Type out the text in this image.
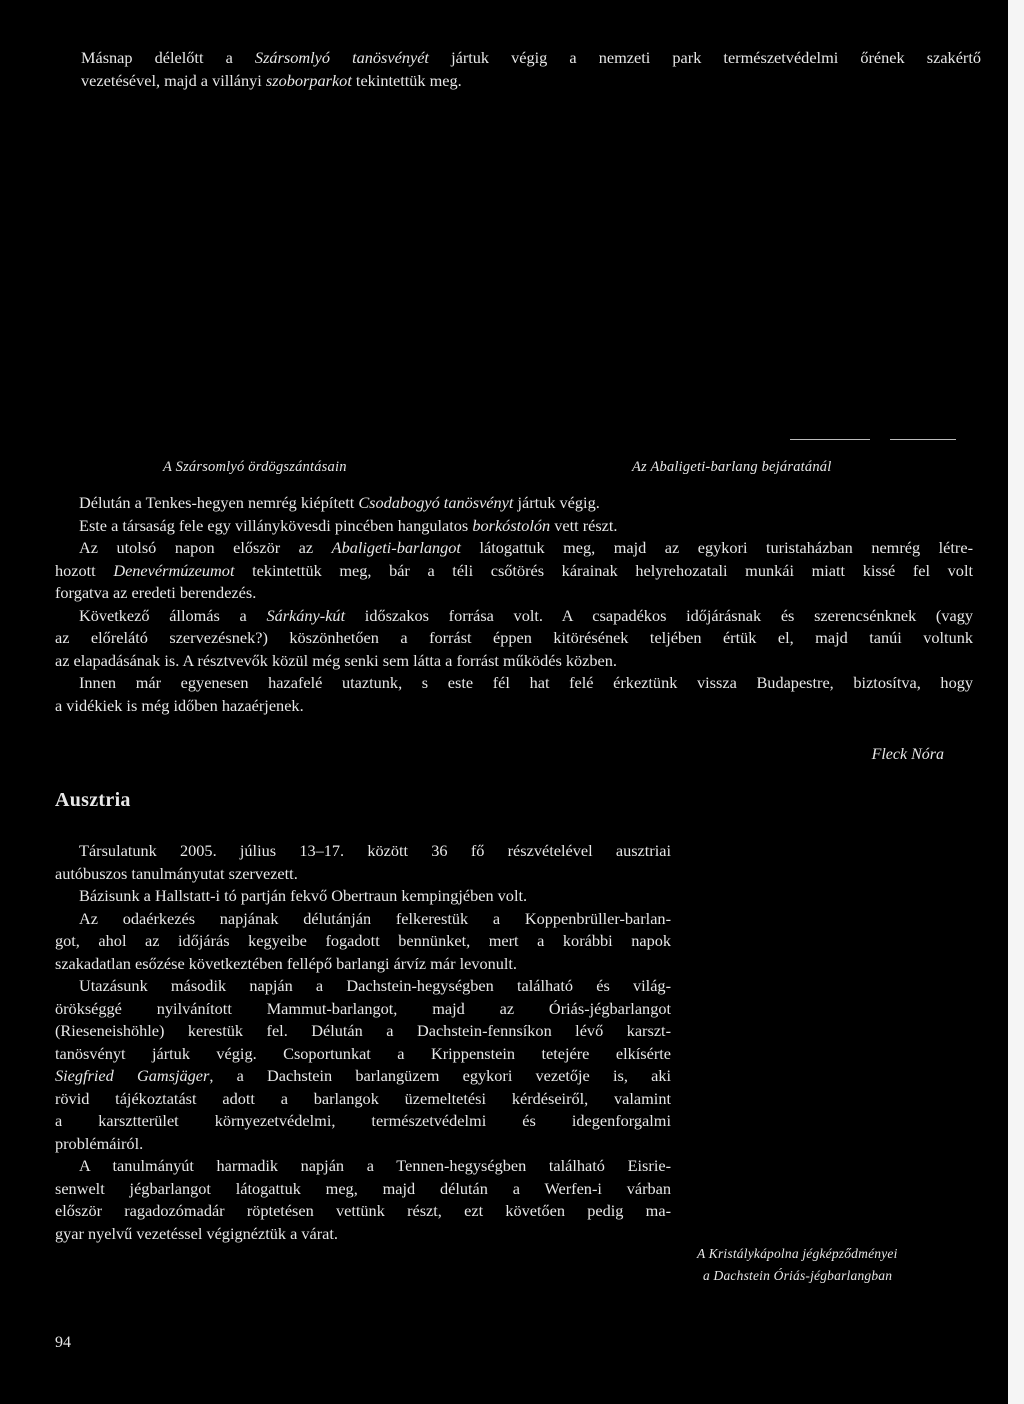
Másnap délelőtt a Szársomlyó tanösvényét jártuk végig a nemzeti park természetvédelmi őrének szakértő
vezetésével, majd a villányi szoborparkot tekintettük meg.
A Szársomlyó ördögszántásain	Az Abaligeti-barlang bejáratánál
Délután a Tenkes-hegyen nemrég kiépített Csodabogyó tanösvényt jártuk végig.
Este a társaság fele egy villánykövesdi pincében hangulatos borkóstolón vett részt.
Az utolsó napon először az Abaligeti-barlangot látogattuk meg, majd az egykori turistaházban nemrég létre-
hozott Denevérmúzeumot tekintettük meg, bár a téli csőtörés kárainak helyrehozatali munkái miatt kissé fel volt
forgatva az eredeti berendezés.
Következő állomás a Sárkány-kút időszakos forrása volt. A csapadékos időjárásnak és szerencsénknek (vagy
az előrelátó szervezésnek?) köszönhetően a forrást éppen kitörésének teljében értük el, majd tanúi voltunk
az elapadásának is. A résztvevők közül még senki sem látta a forrást működés közben.
Innen már egyenesen hazafelé utaztunk, s este fél hat felé érkeztünk vissza Budapestre, biztosítva, hogy
a vidékiek is még időben hazaérjenek.
Fleck Nóra
Ausztria
Társulatunk 2005. július 13–17. között 36 fő részvételével ausztriai
autóbuszos tanulmányutat szervezett.
Bázisunk a Hallstatt-i tó partján fekvő Obertraun kempingjében volt.
Az odaérkezés napjának délutánján felkerestük a Koppenbrüller-barlan-
got, ahol az időjárás kegyeibe fogadott bennünket, mert a korábbi napok
szakadatlan esőzése következtében fellépő barlangi árvíz már levonult.
Utazásunk második napján a Dachstein-hegységben található és világ-
örökséggé nyilvánított Mammut-barlangot, majd az Óriás-jégbarlangot
(Rieseneishöhle) kerestük fel. Délután a Dachstein-fennsíkon lévő karszt-
tanösvényt jártuk végig. Csoportunkat a Krippenstein tetejére elkísérte
Siegfried Gamsjäger, a Dachstein barlangüzem egykori vezetője is, aki
rövid tájékoztatást adott a barlangok üzemeltetési kérdéseiről, valamint
a karsztterület környezetvédelmi, természetvédelmi és idegenforgalmi
problémáiról.
A tanulmányút harmadik napján a Tennen-hegységben található Eisrie-
senwelt jégbarlangot látogattuk meg, majd délután a Werfen-i várban
először ragadozómadár röptetésen vettünk részt, ezt követően pedig ma-
gyar nyelvű vezetéssel végignéztük a várat.
A Kristálykápolna jégképződményei
a Dachstein Óriás-jégbarlangban
94
